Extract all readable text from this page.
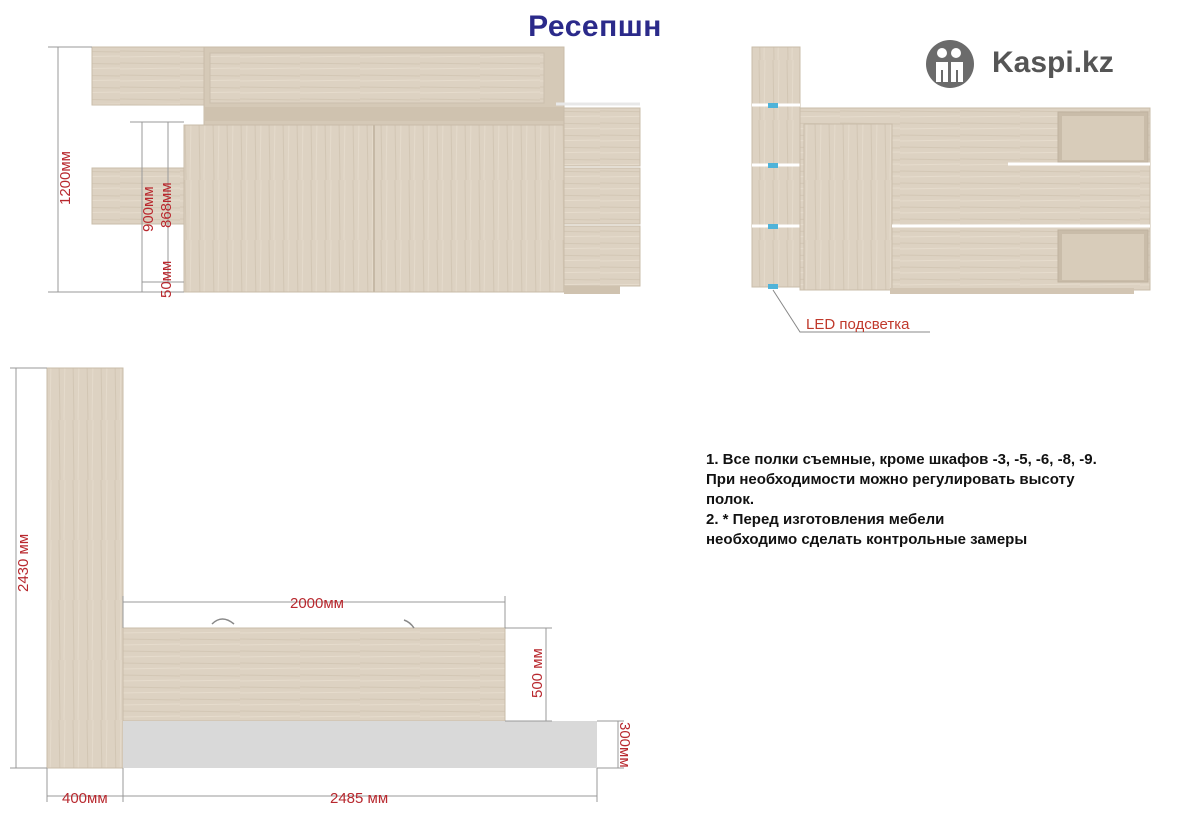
Ресепшн
Kaspi.kz
1200мм
900мм 868мм
50мм
LED подсветка
2430 мм
2000мм
500 мм
300мм
400мм	2485 мм
1. Все полки съемные, кроме шкафов -3, -5, -6, -8, -9.
При необходимости можно регулировать высоту
полок.
2. * Перед изготовления мебели
необходимо сделать контрольные замеры
